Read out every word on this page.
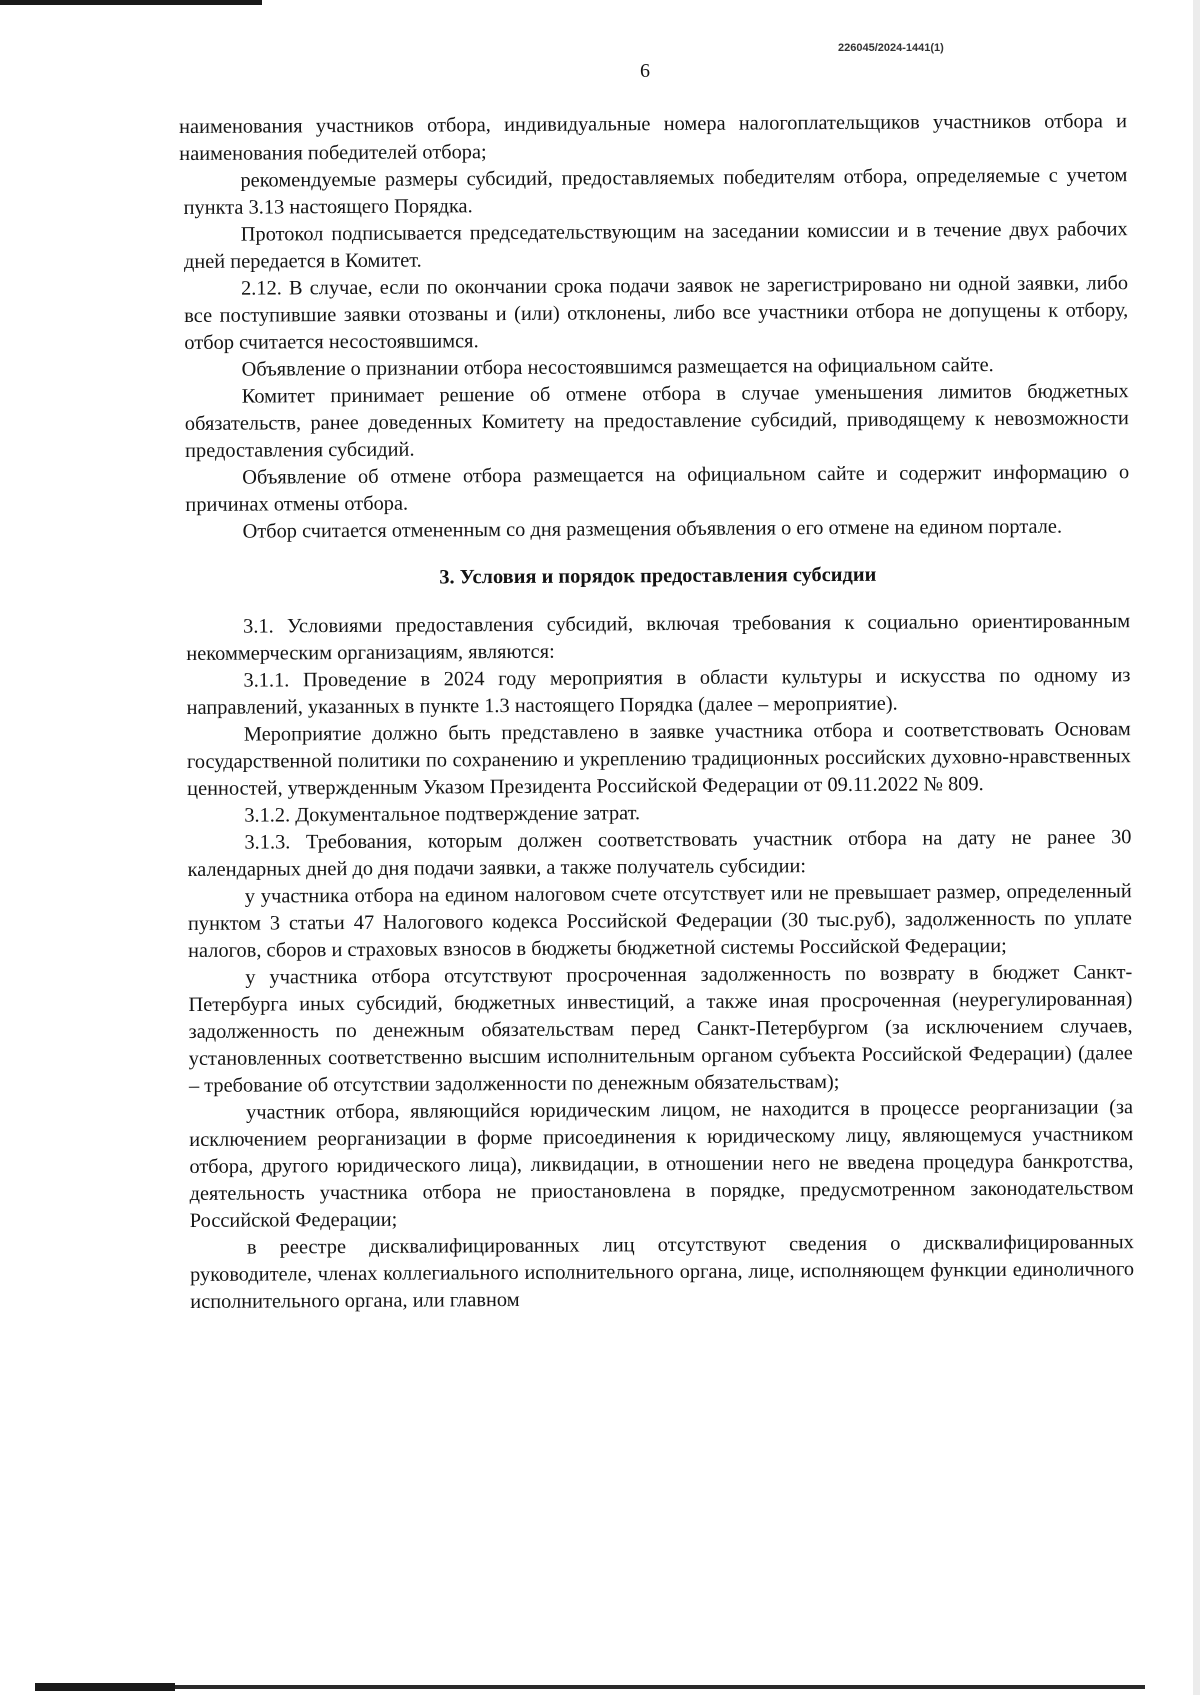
226045/2024-1441(1)
6

наименования участников отбора, индивидуальные номера налогоплательщиков участников отбора и наименования победителей отбора;

рекомендуемые размеры субсидий, предоставляемых победителям отбора, определяемые с учетом пункта 3.13 настоящего Порядка.

Протокол подписывается председательствующим на заседании комиссии и в течение двух рабочих дней передается в Комитет.

2.12. В случае, если по окончании срока подачи заявок не зарегистрировано ни одной заявки, либо все поступившие заявки отозваны и (или) отклонены, либо все участники отбора не допущены к отбору, отбор считается несостоявшимся.

Объявление о признании отбора несостоявшимся размещается на официальном сайте.

Комитет принимает решение об отмене отбора в случае уменьшения лимитов бюджетных обязательств, ранее доведенных Комитету на предоставление субсидий, приводящему к невозможности предоставления субсидий.

Объявление об отмене отбора размещается на официальном сайте и содержит информацию о причинах отмены отбора.

Отбор считается отмененным со дня размещения объявления о его отмене на едином портале.

3. Условия и порядок предоставления субсидии

3.1. Условиями предоставления субсидий, включая требования к социально ориентированным некоммерческим организациям, являются:

3.1.1. Проведение в 2024 году мероприятия в области культуры и искусства по одному из направлений, указанных в пункте 1.3 настоящего Порядка (далее – мероприятие).

Мероприятие должно быть представлено в заявке участника отбора и соответствовать Основам государственной политики по сохранению и укреплению традиционных российских духовно-нравственных ценностей, утвержденным Указом Президента Российской Федерации от 09.11.2022 № 809.

3.1.2. Документальное подтверждение затрат.

3.1.3. Требования, которым должен соответствовать участник отбора на дату не ранее 30 календарных дней до дня подачи заявки, а также получатель субсидии:

у участника отбора на едином налоговом счете отсутствует или не превышает размер, определенный пунктом 3 статьи 47 Налогового кодекса Российской Федерации (30 тыс.руб), задолженность по уплате налогов, сборов и страховых взносов в бюджеты бюджетной системы Российской Федерации;

у участника отбора отсутствуют просроченная задолженность по возврату в бюджет Санкт-Петербурга иных субсидий, бюджетных инвестиций, а также иная просроченная (неурегулированная) задолженность по денежным обязательствам перед Санкт-Петербургом (за исключением случаев, установленных соответственно высшим исполнительным органом субъекта Российской Федерации) (далее – требование об отсутствии задолженности по денежным обязательствам);

участник отбора, являющийся юридическим лицом, не находится в процессе реорганизации (за исключением реорганизации в форме присоединения к юридическому лицу, являющемуся участником отбора, другого юридического лица), ликвидации, в отношении него не введена процедура банкротства, деятельность участника отбора не приостановлена в порядке, предусмотренном законодательством Российской Федерации;

в реестре дисквалифицированных лиц отсутствуют сведения о дисквалифицированных руководителе, членах коллегиального исполнительного органа, лице, исполняющем функции единоличного исполнительного органа, или главном
